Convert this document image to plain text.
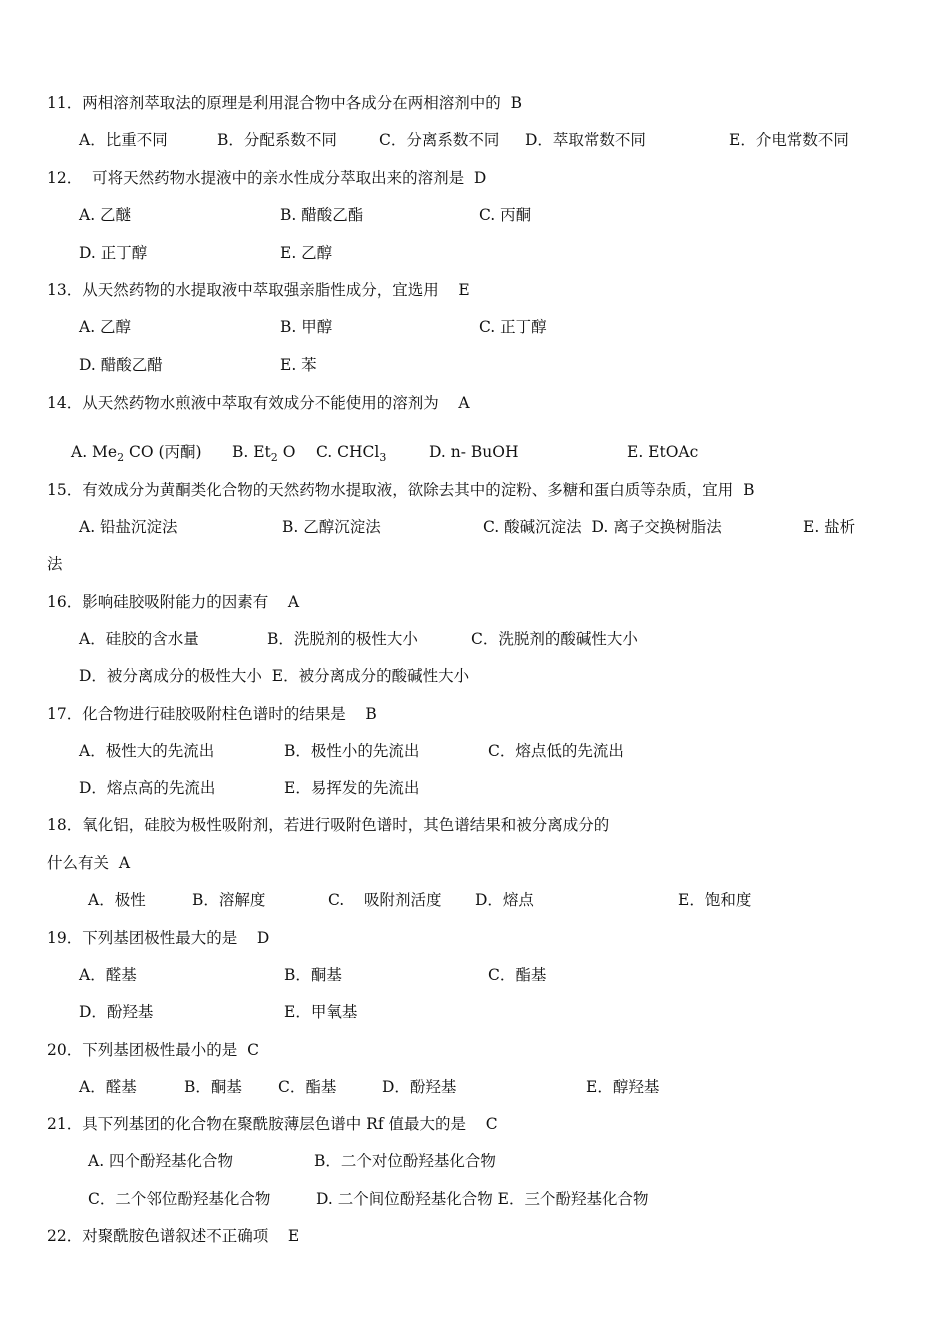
11．两相溶剂萃取法的原理是利用混合物中各成分在两相溶剂中的  B
A．比重不同	B．分配系数不同	C．分离系数不同 D．萃取常数不同	E．介电常数不同
12．  可将天然药物水提液中的亲水性成分萃取出来的溶剂是  D
A. 乙醚	B. 醋酸乙酯	C. 丙酮
D. 正丁醇	E. 乙醇
13．从天然药物的水提取液中萃取强亲脂性成分，宜选用    E
A. 乙醇	B. 甲醇	C. 正丁醇
D. 醋酸乙醋	E. 苯
14．从天然药物水煎液中萃取有效成分不能使用的溶剂为    A
A. $Me_2$ CO (丙酮) B. $Et_2$ O C. CHCl$_3$	D. n- BuOH	E. EtOAc
15．有效成分为黄酮类化合物的天然药物水提取液，欲除去其中的淀粉、多糖和蛋白质等杂质，宜用  B
A. 铅盐沉淀法	B. 乙醇沉淀法	C. 酸碱沉淀法  D. 离子交换树脂法	E. 盐析
法
16．影响硅胶吸附能力的因素有    A
A．硅胶的含水量	B．洗脱剂的极性大小	C．洗脱剂的酸碱性大小
D．被分离成分的极性大小  E．被分离成分的酸碱性大小
17．化合物进行硅胶吸附柱色谱时的结果是    B
A．极性大的先流出	B．极性小的先流出	C．熔点低的先流出
D．熔点高的先流出	E．易挥发的先流出
18．氧化铝，硅胶为极性吸附剂，若进行吸附色谱时，其色谱结果和被分离成分的
什么有关  A
A．极性	B．溶解度	C.    吸附剂活度 D．熔点	E．饱和度
19．下列基团极性最大的是    D
A．醛基	B．酮基	C．酯基
D．酚羟基	E．甲氧基
20．下列基团极性最小的是  C
A．醛基	B．酮基 C．酯基	D．酚羟基	E．醇羟基
21．具下列基团的化合物在聚酰胺薄层色谱中 Rf 值最大的是    C
A. 四个酚羟基化合物	B．二个对位酚羟基化合物
C．二个邻位酚羟基化合物	D. 二个间位酚羟基化合物 E．三个酚羟基化合物
22．对聚酰胺色谱叙述不正确项    E
